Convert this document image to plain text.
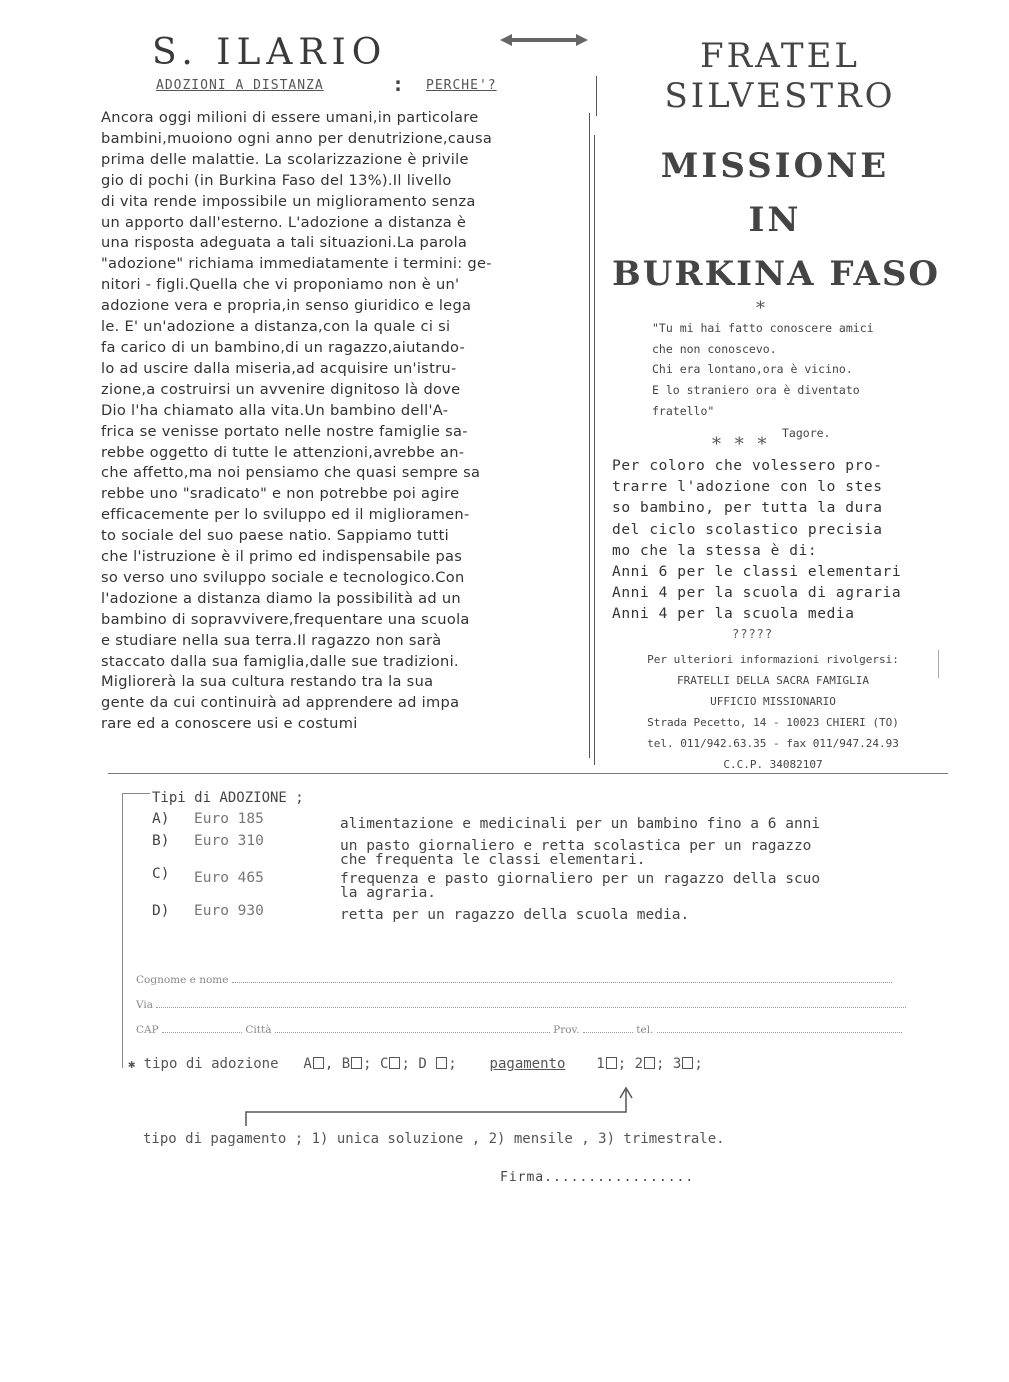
S. ILARIO
ADOZIONI A DISTANZA	: PERCHE'?
FRATEL
SILVESTRO
MISSIONE
IN
BURKINA FASO

Ancora oggi milioni di essere umani,in particolare

bambini,muoiono ogni anno per denutrizione,causa

prima delle malattie. La scolarizzazione è privile

gio di pochi (in Burkina Faso del 13%).Il livello

di vita rende impossibile un miglioramento senza

un apporto dall'esterno. L'adozione a distanza è

una risposta adeguata a tali situazioni.La parola

"adozione" richiama immediatamente i termini: ge-

nitori - figli.Quella che vi proponiamo non è un'

adozione vera e propria,in senso giuridico e lega

le. E' un'adozione a distanza,con la quale ci si

fa carico di un bambino,di un ragazzo,aiutando-

lo ad uscire dalla miseria,ad acquisire un'istru-

zione,a costruirsi un avvenire dignitoso là dove

Dio l'ha chiamato alla vita.Un bambino dell'A-

frica se venisse portato nelle nostre famiglie sa-

rebbe oggetto di tutte le attenzioni,avrebbe an-

che affetto,ma noi pensiamo che quasi sempre sa

rebbe uno "sradicato" e non potrebbe poi agire

efficacemente per lo sviluppo ed il miglioramen-

to sociale del suo paese natio. Sappiamo tutti

che l'istruzione è il primo ed indispensabile pas

so verso uno sviluppo sociale e tecnologico.Con

l'adozione a distanza diamo la possibilità ad un

bambino di sopravvivere,frequentare una scuola

e studiare nella sua terra.Il ragazzo non sarà

staccato dalla sua famiglia,dalle sue tradizioni.

Migliorerà la sua cultura restando tra la sua

gente da cui continuirà ad apprendere ad impa

rare ed a conoscere usi e costumi

*
"Tu mi hai fatto conoscere amici
che non conoscevo.
Chi era lontano,ora è vicino.
E lo straniero ora è diventato
fratello"
Tagore.
* * *
Per coloro che volessero pro-
trarre l'adozione con lo stes
so bambino, per tutta la dura
del ciclo scolastico precisia
mo che la stessa è di:
Anni 6 per le classi elementari
Anni 4 per la scuola di agraria
Anni 4 per la scuola media
?????
Per ulteriori informazioni rivolgersi:
FRATELLI DELLA SACRA FAMIGLIA
UFFICIO MISSIONARIO
Strada Pecetto, 14 - 10023 CHIERI (TO)
tel. 011/942.63.35 - fax 011/947.24.93
C.C.P. 34082107
Tipi di ADOZIONE ;
A) Euro 185	alimentazione e medicinali per un bambino fino a 6 anni
B) Euro 310	un pasto giornaliero e retta scolastica per un ragazzo
che frequenta le classi elementari.
C) Euro 465	frequenza e pasto giornaliero per un ragazzo della scuo
la agraria.
D) Euro 930	retta per un ragazzo della scuola media.
Cognome e nome
Via
CAP	Città	Prov.	tel.
✱ tipo di adozione A , B ; C ; D ; pagamento 1 ; 2 ; 3 ;
tipo di pagamento ; 1) unica soluzione , 2) mensile , 3) trimestrale.
Firma.................
